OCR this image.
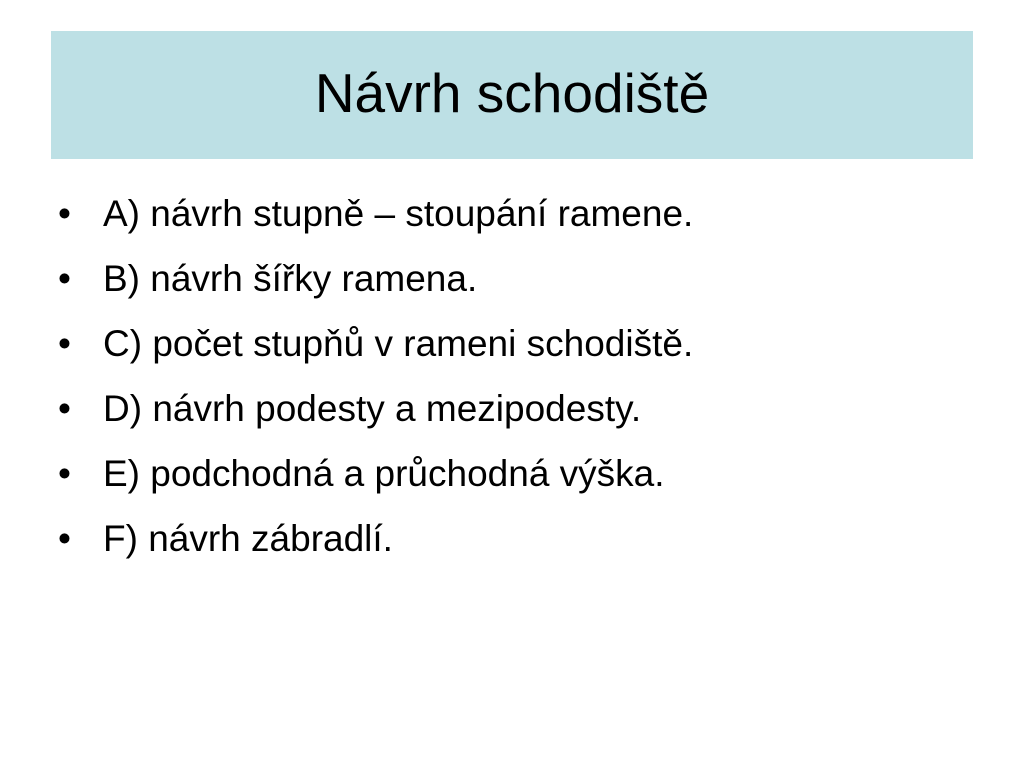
Návrh schodiště
• A) návrh stupně – stoupání ramene.
• B) návrh šířky ramena.
• C) počet stupňů v rameni schodiště.
• D) návrh podesty a mezipodesty.
• E) podchodná a průchodná výška.
• F) návrh zábradlí.
